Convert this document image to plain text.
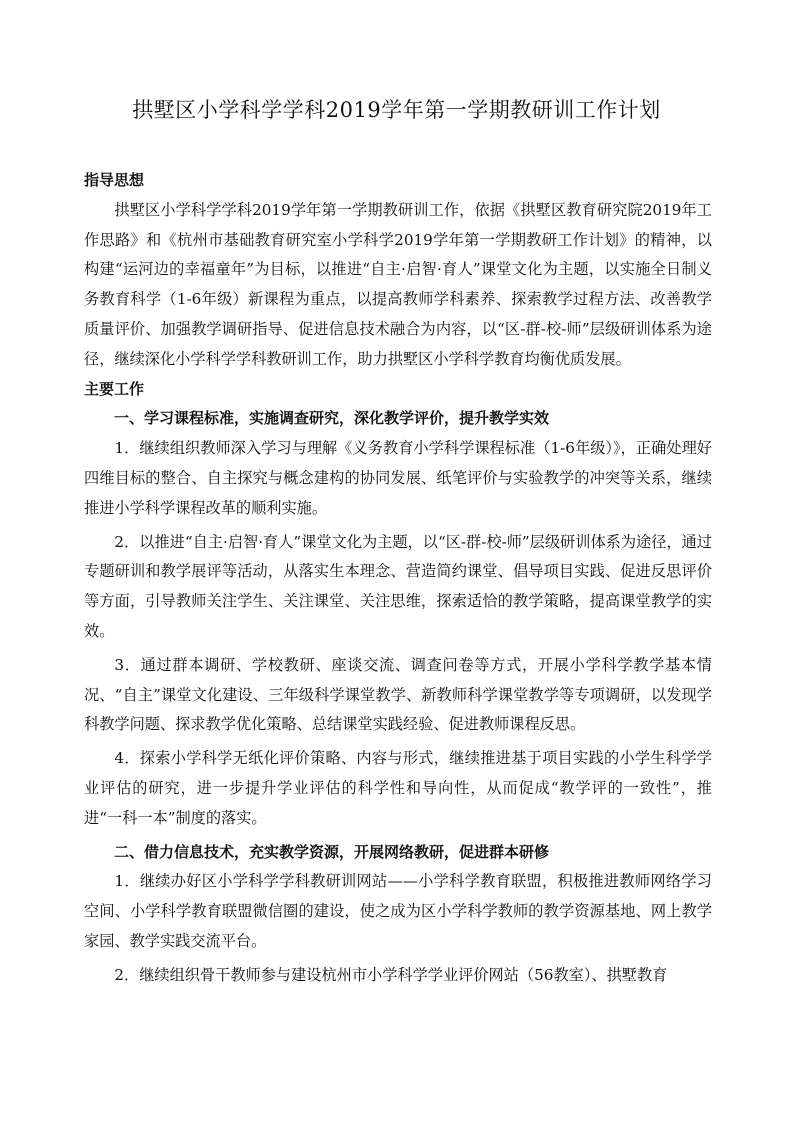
拱墅区小学科学学科2019学年第一学期教研训工作计划

指导思想

拱墅区小学科学学科2019学年第一学期教研训工作，依据《拱墅区教育研究院2019年工作思路》和《杭州市基础教育研究室小学科学2019学年第一学期教研工作计划》的精神，以构建“运河边的幸福童年”为目标，以推进“自主·启智·育人”课堂文化为主题，以实施全日制义务教育科学（1-6年级）新课程为重点，以提高教师学科素养、探索教学过程方法、改善教学质量评价、加强教学调研指导、促进信息技术融合为内容，以“区-群-校-师”层级研训体系为途径，继续深化小学科学学科教研训工作，助力拱墅区小学科学教育均衡优质发展。

主要工作

一、学习课程标准，实施调查研究，深化教学评价，提升教学实效

1．继续组织教师深入学习与理解《义务教育小学科学课程标准（1-6年级）》，正确处理好四维目标的整合、自主探究与概念建构的协同发展、纸笔评价与实验教学的冲突等关系，继续推进小学科学课程改革的顺利实施。

2．以推进“自主·启智·育人”课堂文化为主题，以“区-群-校-师”层级研训体系为途径，通过专题研训和教学展评等活动，从落实生本理念、营造简约课堂、倡导项目实践、促进反思评价等方面，引导教师关注学生、关注课堂、关注思维，探索适恰的教学策略，提高课堂教学的实效。

3．通过群本调研、学校教研、座谈交流、调查问卷等方式，开展小学科学教学基本情况、“自主”课堂文化建设、三年级科学课堂教学、新教师科学课堂教学等专项调研，以发现学科教学问题、探求教学优化策略、总结课堂实践经验、促进教师课程反思。

4．探索小学科学无纸化评价策略、内容与形式，继续推进基于项目实践的小学生科学学业评估的研究，进一步提升学业评估的科学性和导向性，从而促成“教学评的一致性”，推进“一科一本”制度的落实。

二、借力信息技术，充实教学资源，开展网络教研，促进群本研修

1．继续办好区小学科学学科教研训网站——小学科学教育联盟，积极推进教师网络学习空间、小学科学教育联盟微信圈的建设，使之成为区小学科学教师的教学资源基地、网上教学家园、教学实践交流平台。

2．继续组织骨干教师参与建设杭州市小学科学学业评价网站（56教室）、拱墅教育
